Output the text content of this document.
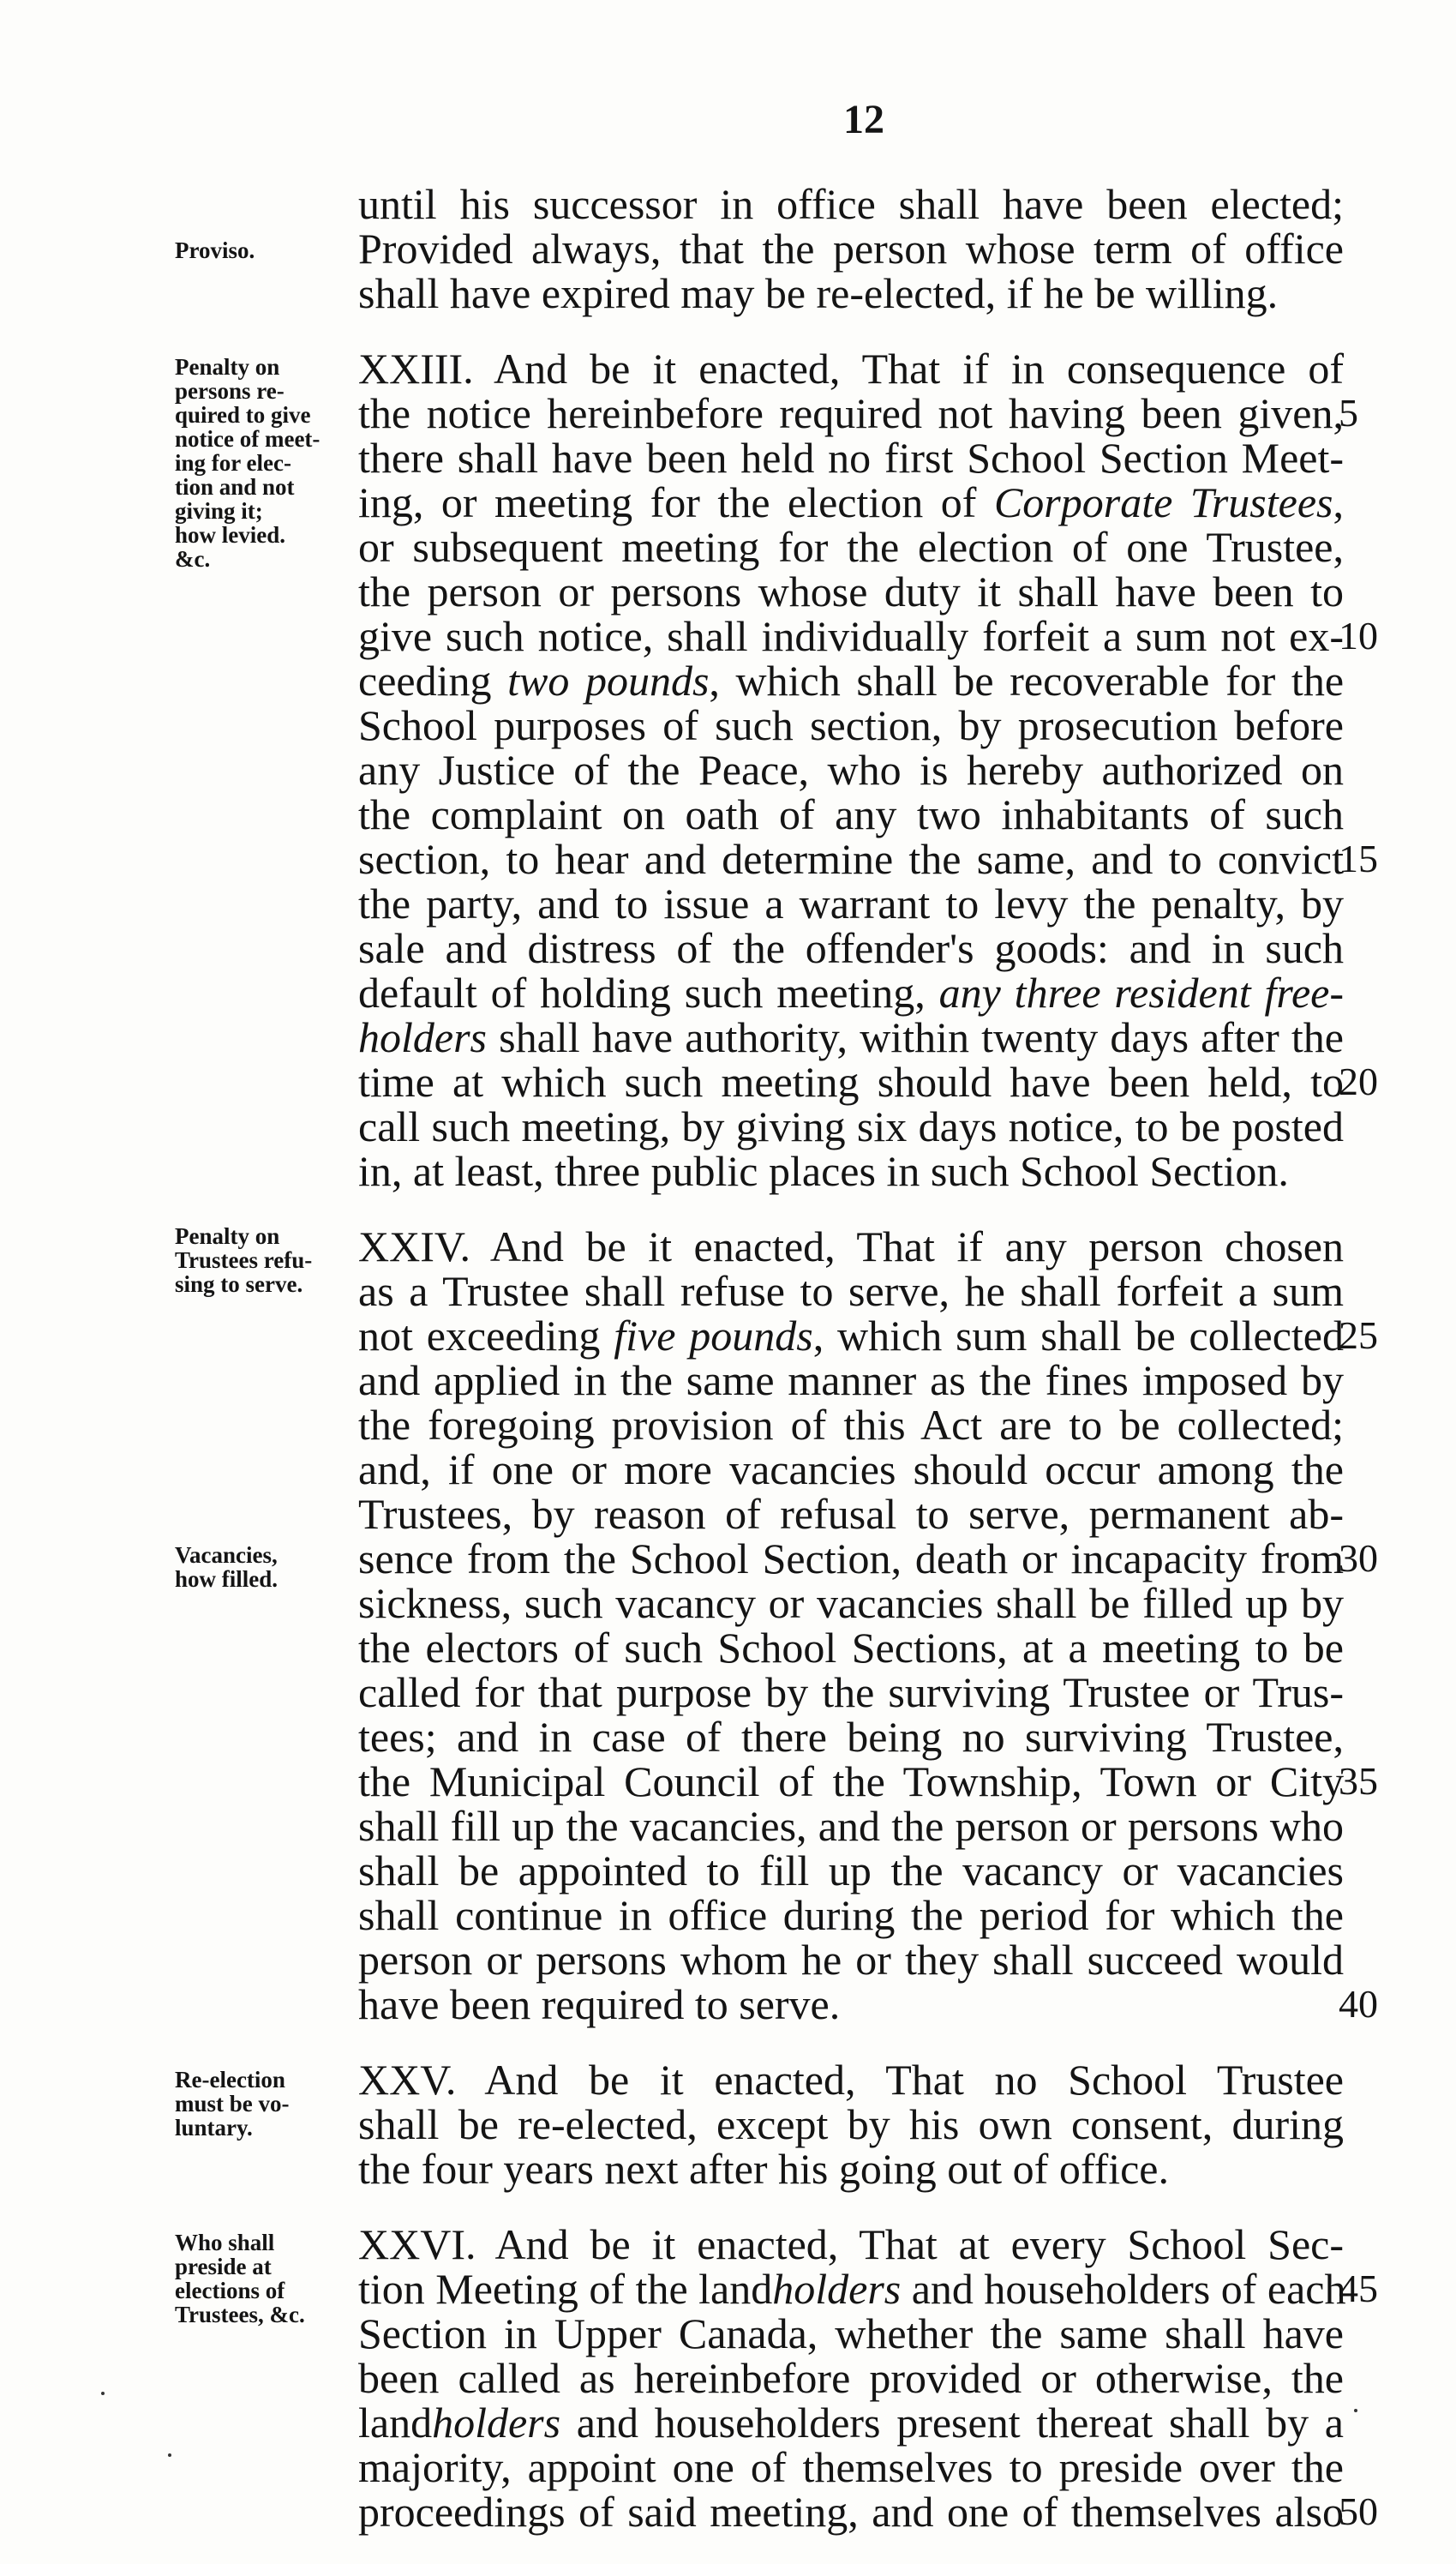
12
until his successor in office shall have been elected;
Provided always, that the person whose term of office
shall have expired may be re-elected, if he be willing.
XXIII. And be it enacted, That if in consequence of
the notice hereinbefore required not having been given,
5
there shall have been held no first School Section Meet-
ing, or meeting for the election of Corporate Trustees,
or subsequent meeting for the election of one Trustee,
the person or persons whose duty it shall have been to
give such notice, shall individually forfeit a sum not ex-
10
ceeding two pounds, which shall be recoverable for the
School purposes of such section, by prosecution before
any Justice of the Peace, who is hereby authorized on
the complaint on oath of any two inhabitants of such
section, to hear and determine the same, and to convict
15
the party, and to issue a warrant to levy the penalty, by
sale and distress of the offender's goods: and in such
default of holding such meeting, any three resident free-
holders shall have authority, within twenty days after the
time at which such meeting should have been held, to
20
call such meeting, by giving six days notice, to be posted
in, at least, three public places in such School Section.
XXIV. And be it enacted, That if any person chosen
as a Trustee shall refuse to serve, he shall forfeit a sum
not exceeding five pounds, which sum shall be collected
25
and applied in the same manner as the fines imposed by
the foregoing provision of this Act are to be collected;
and, if one or more vacancies should occur among the
Trustees, by reason of refusal to serve, permanent ab-
sence from the School Section, death or incapacity from
30
sickness, such vacancy or vacancies shall be filled up by
the electors of such School Sections, at a meeting to be
called for that purpose by the surviving Trustee or Trus-
tees; and in case of there being no surviving Trustee,
the Municipal Council of the Township, Town or City
35
shall fill up the vacancies, and the person or persons who
shall be appointed to fill up the vacancy or vacancies
shall continue in office during the period for which the
person or persons whom he or they shall succeed would
have been required to serve.	40
XXV. And be it enacted, That no School Trustee
shall be re-elected, except by his own consent, during
the four years next after his going out of office.
XXVI. And be it enacted, That at every School Sec-
tion Meeting of the landholders and householders of each
45
Section in Upper Canada, whether the same shall have
been called as hereinbefore provided or otherwise, the
landholders and householders present thereat shall by a
majority, appoint one of themselves to preside over the
proceedings of said meeting, and one of themselves also
50
Proviso.
Penalty on
persons re-
quired to give
notice of meet-
ing for elec-
tion and not
giving it;
how levied.
&c.
Penalty on
Trustees refu-
sing to serve.
Vacancies,
how filled.
Re-election
must be vo-
luntary.
Who shall
preside at
elections of
Trustees, &c.
